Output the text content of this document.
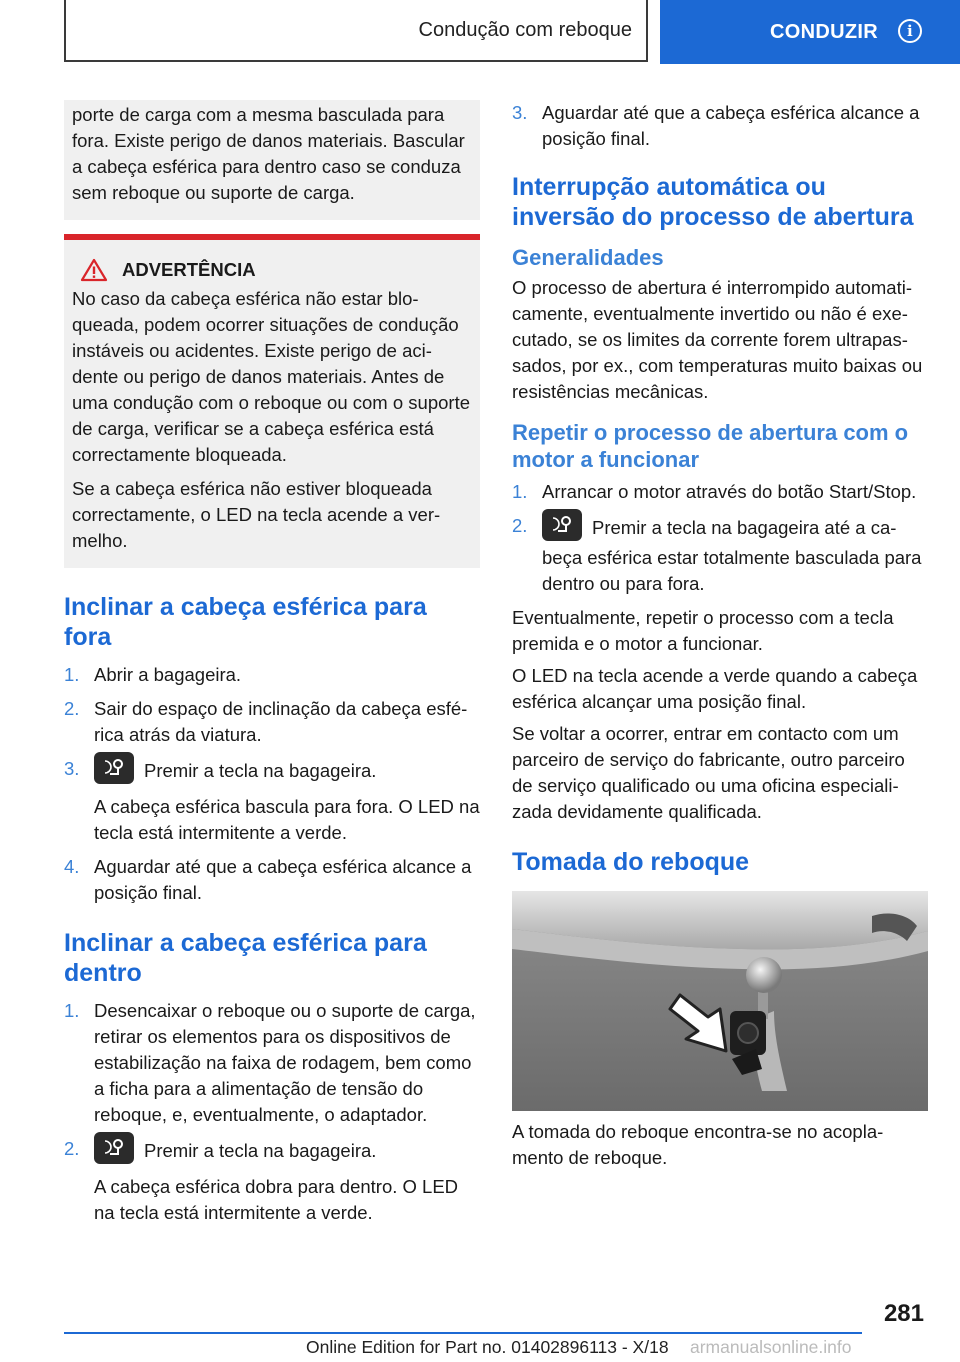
Condução com reboque	CONDUZIR	i

porte de carga com a mesma basculada para fora. Existe perigo de danos materiais. Bascular a cabeça esférica para dentro caso se conduza sem reboque ou suporte de carga.

ADVERTÊNCIA

No caso da cabeça esférica não estar bloqueada, podem ocorrer situações de condução instáveis ou acidentes. Existe perigo de acidente ou perigo de danos materiais. Antes de uma condução com o reboque ou com o suporte de carga, verificar se a cabeça esférica está correctamente bloqueada.

Se a cabeça esférica não estiver bloqueada correctamente, o LED na tecla acende a vermelho.

Inclinar a cabeça esférica para fora
1. Abrir a bagageira.
2. Sair do espaço de inclinação da cabeça esférica atrás da viatura.
3.	Premir a tecla na bagageira.
A cabeça esférica bascula para fora. O LED na tecla está intermitente a verde.
4. Aguardar até que a cabeça esférica alcance a posição final.
Inclinar a cabeça esférica para dentro
1. Desencaixar o reboque ou o suporte de carga, retirar os elementos para os dispositivos de estabilização na faixa de rodagem, bem como a ficha para a alimentação de tensão do reboque, e, eventualmente, o adaptador.
2.	Premir a tecla na bagageira.
A cabeça esférica dobra para dentro. O LED na tecla está intermitente a verde.
3. Aguardar até que a cabeça esférica alcance a posição final.
Interrupção automática ou inversão do processo de abertura
Generalidades

O processo de abertura é interrompido automaticamente, eventualmente invertido ou não é executado, se os limites da corrente forem ultrapassados, por ex., com temperaturas muito baixas ou resistências mecânicas.

Repetir o processo de abertura com o motor a funcionar
1. Arrancar o motor através do botão Start/Stop.
2.	Premir a tecla na bagageira até a cabeça esférica estar totalmente basculada para dentro ou para fora.

Eventualmente, repetir o processo com a tecla premida e o motor a funcionar.

O LED na tecla acende a verde quando a cabeça esférica alcançar uma posição final.

Se voltar a ocorrer, entrar em contacto com um parceiro de serviço do fabricante, outro parceiro de serviço qualificado ou uma oficina especializada devidamente qualificada.

Tomada do reboque

A tomada do reboque encontra-se no acoplamento de reboque.

281
Online Edition for Part no. 01402896113 - X/18 armanualsonline.info
